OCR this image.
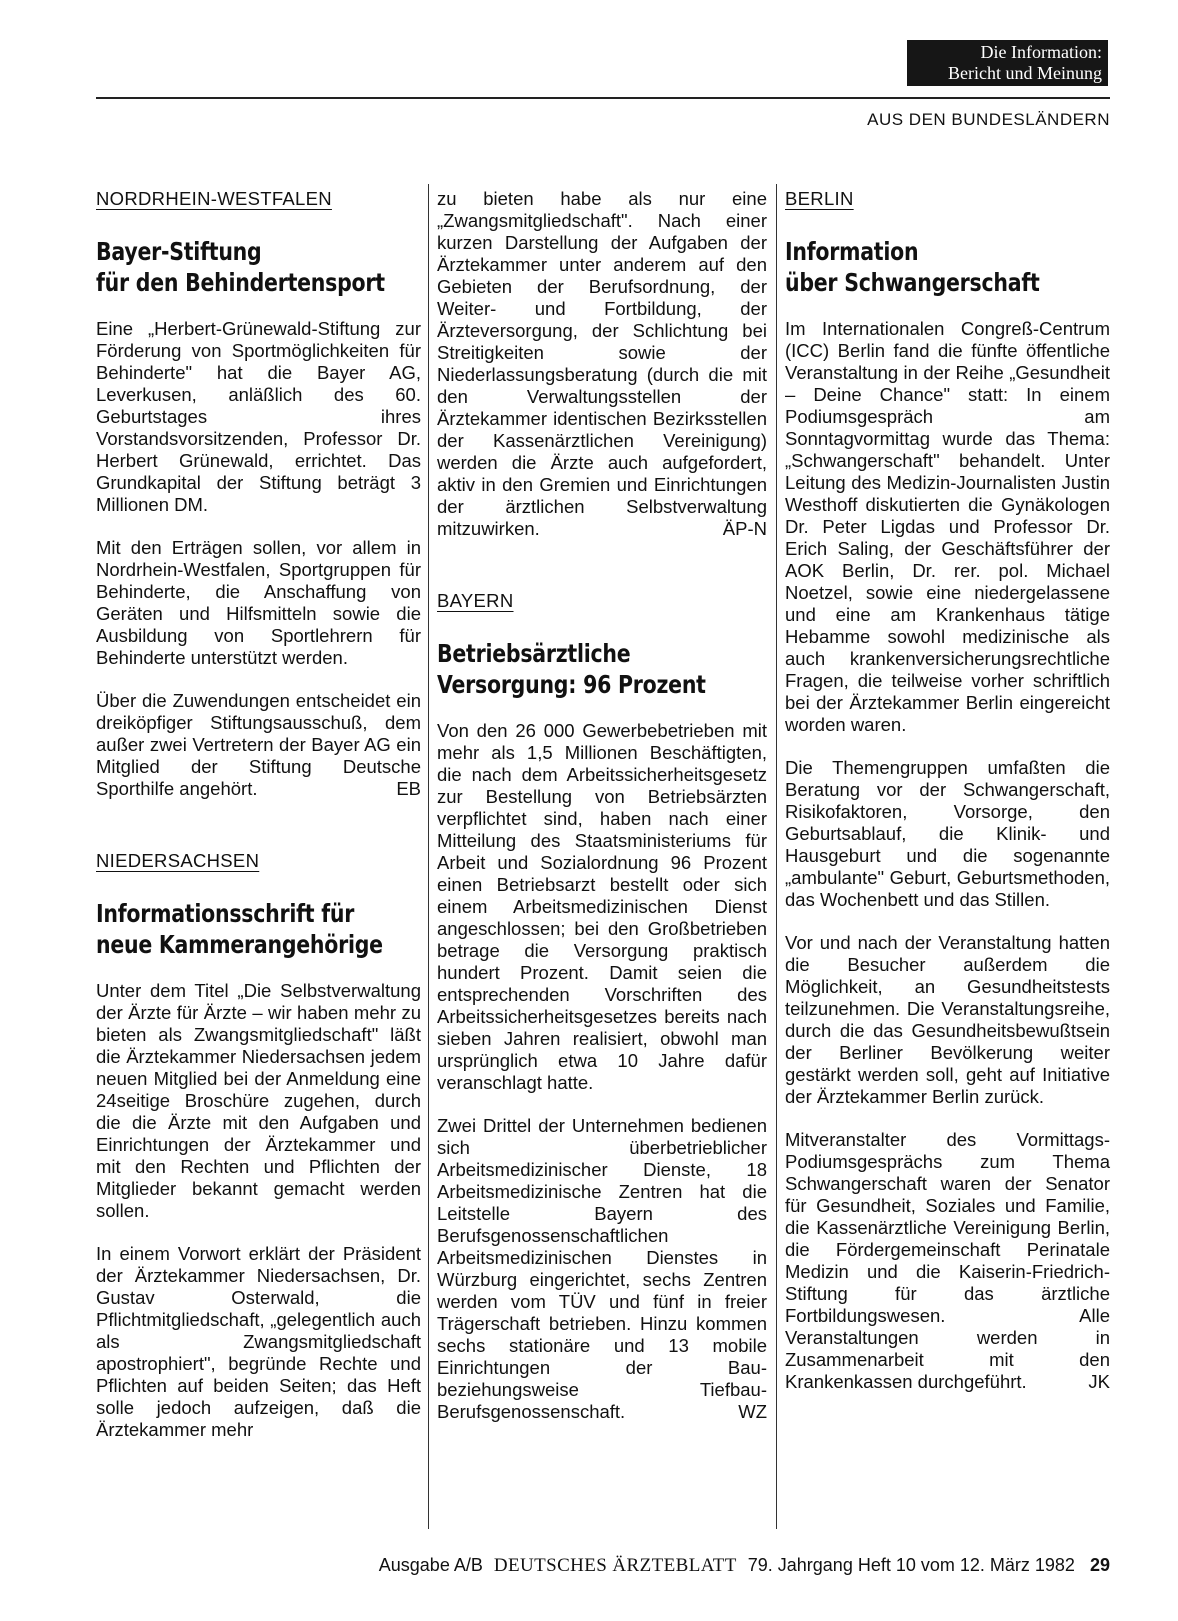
Die Information:
Bericht und Meinung
AUS DEN BUNDESLÄNDERN
NORDRHEIN-WESTFALEN
Bayer-Stiftung
für den Behindertensport

Eine „Herbert-Grünewald-Stiftung zur Förderung von Sportmöglichkeiten für Behinderte" hat die Bayer AG, Leverkusen, anläßlich des 60. Geburtstages ihres Vorstandsvorsitzenden, Professor Dr. Herbert Grünewald, errichtet. Das Grundkapital der Stiftung beträgt 3 Millionen DM.

Mit den Erträgen sollen, vor allem in Nordrhein-Westfalen, Sportgruppen für Behinderte, die Anschaffung von Geräten und Hilfsmitteln sowie die Ausbildung von Sportlehrern für Behinderte unterstützt werden.

Über die Zuwendungen entscheidet ein dreiköpfiger Stiftungsausschuß, dem außer zwei Vertretern der Bayer AG ein Mitglied der Stiftung Deutsche Sporthilfe angehört.	EB

NIEDERSACHSEN
Informationsschrift für
neue Kammerangehörige

Unter dem Titel „Die Selbstverwaltung der Ärzte für Ärzte – wir haben mehr zu bieten als Zwangsmitgliedschaft" läßt die Ärztekammer Niedersachsen jedem neuen Mitglied bei der Anmeldung eine 24seitige Broschüre zugehen, durch die die Ärzte mit den Aufgaben und Einrichtungen der Ärztekammer und mit den Rechten und Pflichten der Mitglieder bekannt gemacht werden sollen.

In einem Vorwort erklärt der Präsident der Ärztekammer Niedersachsen, Dr. Gustav Osterwald, die Pflichtmitgliedschaft, „gelegentlich auch als Zwangsmitgliedschaft apostrophiert", begründe Rechte und Pflichten auf beiden Seiten; das Heft solle jedoch aufzeigen, daß die Ärztekammer mehr

zu bieten habe als nur eine „Zwangsmitgliedschaft". Nach einer kurzen Darstellung der Aufgaben der Ärztekammer unter anderem auf den Gebieten der Berufsordnung, der Weiter- und Fortbildung, der Ärzteversorgung, der Schlichtung bei Streitigkeiten sowie der Niederlassungsberatung (durch die mit den Verwaltungsstellen der Ärztekammer identischen Bezirksstellen der Kassenärztlichen Vereinigung) werden die Ärzte auch aufgefordert, aktiv in den Gremien und Einrichtungen der ärztlichen Selbstverwaltung mitzuwirken.	ÄP-N

BAYERN
Betriebsärztliche
Versorgung: 96 Prozent

Von den 26 000 Gewerbebetrieben mit mehr als 1,5 Millionen Beschäftigten, die nach dem Arbeitssicherheitsgesetz zur Bestellung von Betriebsärzten verpflichtet sind, haben nach einer Mitteilung des Staatsministeriums für Arbeit und Sozialordnung 96 Prozent einen Betriebsarzt bestellt oder sich einem Arbeitsmedizinischen Dienst angeschlossen; bei den Großbetrieben betrage die Versorgung praktisch hundert Prozent. Damit seien die entsprechenden Vorschriften des Arbeitssicherheitsgesetzes bereits nach sieben Jahren realisiert, obwohl man ursprünglich etwa 10 Jahre dafür veranschlagt hatte.

Zwei Drittel der Unternehmen bedienen sich überbetrieblicher Arbeitsmedizinischer Dienste, 18 Arbeitsmedizinische Zentren hat die Leitstelle Bayern des Berufsgenossenschaftlichen Arbeitsmedizinischen Dienstes in Würzburg eingerichtet, sechs Zentren werden vom TÜV und fünf in freier Trägerschaft betrieben. Hinzu kommen sechs stationäre und 13 mobile Einrichtungen der Bau- beziehungsweise Tiefbau-Berufsgenossenschaft.	WZ

BERLIN
Information
über Schwangerschaft

Im Internationalen Congreß-Centrum (ICC) Berlin fand die fünfte öffentliche Veranstaltung in der Reihe „Gesundheit – Deine Chance" statt: In einem Podiumsgespräch am Sonntagvormittag wurde das Thema: „Schwangerschaft" behandelt. Unter Leitung des Medizin-Journalisten Justin Westhoff diskutierten die Gynäkologen Dr. Peter Ligdas und Professor Dr. Erich Saling, der Geschäftsführer der AOK Berlin, Dr. rer. pol. Michael Noetzel, sowie eine niedergelassene und eine am Krankenhaus tätige Hebamme sowohl medizinische als auch krankenversicherungsrechtliche Fragen, die teilweise vorher schriftlich bei der Ärztekammer Berlin eingereicht worden waren.

Die Themengruppen umfaßten die Beratung vor der Schwangerschaft, Risikofaktoren, Vorsorge, den Geburtsablauf, die Klinik- und Hausgeburt und die sogenannte „ambulante" Geburt, Geburtsmethoden, das Wochenbett und das Stillen.

Vor und nach der Veranstaltung hatten die Besucher außerdem die Möglichkeit, an Gesundheitstests teilzunehmen. Die Veranstaltungsreihe, durch die das Gesundheitsbewußtsein der Berliner Bevölkerung weiter gestärkt werden soll, geht auf Initiative der Ärztekammer Berlin zurück.

Mitveranstalter des Vormittags-Podiumsgesprächs zum Thema Schwangerschaft waren der Senator für Gesundheit, Soziales und Familie, die Kassenärztliche Vereinigung Berlin, die Fördergemeinschaft Perinatale Medizin und die Kaiserin-Friedrich-Stiftung für das ärztliche Fortbildungswesen. Alle Veranstaltungen werden in Zusammenarbeit mit den Krankenkassen durchgeführt.	JK

Ausgabe A/B DEUTSCHES ÄRZTEBLATT 79. Jahrgang Heft 10 vom 12. März 1982 29
